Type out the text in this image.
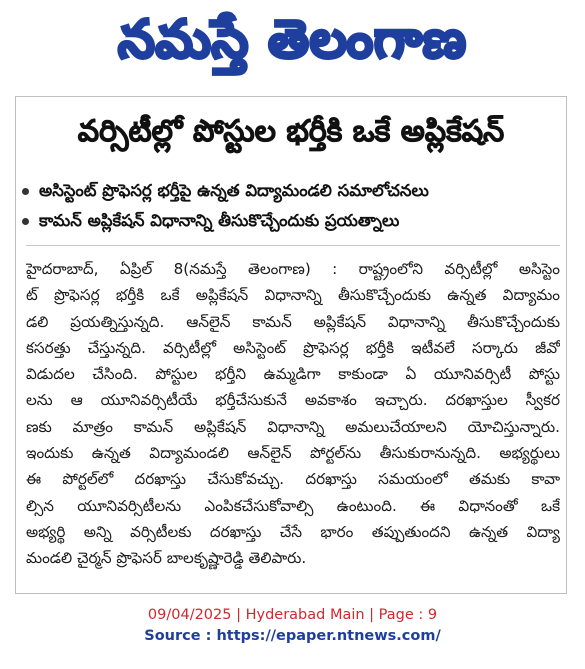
నమస్తే తెలంగాణ
వర్సిటీల్లో పోస్టుల భర్తీకి ఒకే అప్లికేషన్
అసిస్టెంట్ ప్రొఫెసర్ల భర్తీపై ఉన్నత విద్యామండలి సమాలోచనలు
కామన్ అప్లికేషన్ విధానాన్ని తీసుకొచ్చేందుకు ప్రయత్నాలు
హైదరాబాద్, ఏప్రిల్ 8(నమస్తే తెలంగాణ) : రాష్ట్రంలోని వర్సిటీల్లో అసిస్టెం
ట్ ప్రొఫెసర్ల భర్తీకి ఒకే అప్లికేషన్ విధానాన్ని తీసుకొచ్చేందుకు ఉన్నత విద్యామం
డలి ప్రయత్నిస్తున్నది. ఆన్‌లైన్ కామన్ అప్లికేషన్ విధానాన్ని తీసుకొచ్చేందుకు
కసరత్తు చేస్తున్నది. వర్సిటీల్లో అసిస్టెంట్ ప్రొఫెసర్ల భర్తీకి ఇటీవలే సర్కారు జీవో
విడుదల చేసింది. పోస్టుల భర్తీని ఉమ్మడిగా కాకుండా ఏ యూనివర్సిటీ పోస్టు
లను ఆ యూనివర్సిటీయే భర్తీచేసుకునే అవకాశం ఇచ్చారు. దరఖాస్తుల స్వీకర
ణకు మాత్రం కామన్ అప్లికేషన్ విధానాన్ని అమలుచేయాలని యోచిస్తున్నారు.
ఇందుకు ఉన్నత విద్యామండలి ఆన్‌లైన్ పోర్టల్‌ను తీసుకురానున్నది. అభ్యర్థులు
ఈ పోర్టల్‌లో దరఖాస్తు చేసుకోవచ్చు. దరఖాస్తు సమయంలో తమకు కావా
ల్సిన యూనివర్సిటీలను ఎంపికచేసుకోవాల్సి ఉంటుంది. ఈ విధానంతో ఒకే
అభ్యర్థి అన్ని వర్సిటీలకు దరఖాస్తు చేసే భారం తప్పుతుందని ఉన్నత విద్యా
మండలి చైర్మన్ ప్రొఫెసర్ బాలకృష్ణారెడ్డి తెలిపారు.
09/04/2025 | Hyderabad Main | Page : 9
Source : https://epaper.ntnews.com/
